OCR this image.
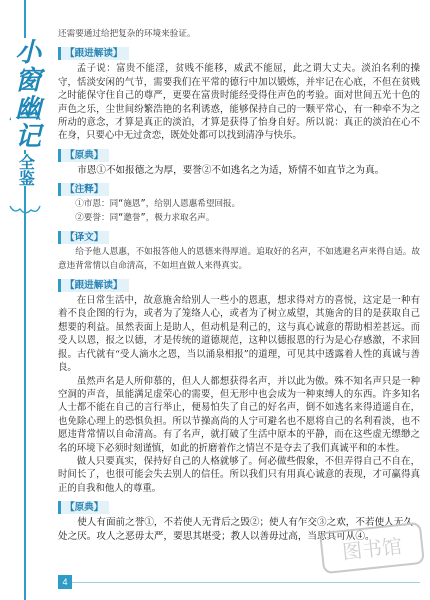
小窗幽记
全鉴

还需要通过给把复杂的环境来验证。

【跟进解读】

孟子说：富贵不能淫，贫贱不能移，威武不能屈，此之谓大丈夫。淡泊名利的操守，恬淡安闲的气节，需要我们在平常的德行中加以锻炼，并牢记在心底，不但在贫贱之时能保守住自己的尊严，更要在富贵时能经受得住声色的考验。面对世间五光十色的声色之乐，尘世间纷繁浩艳的名利诱惑，能够保持自己的一颗平常心，有一种牵不为之所动的意念，才算是真正的淡泊，才算是获得了怡身自好。所以说：真正的淡泊在心不在身，只要心中无过贪恋，既处处都可以找到清净与快乐。

【原典】

市恩①不如报德之为厚，要誉②不如逃名之为适，矫情不如直节之为真。

【注释】

①市恩：同“施恩”，给别人恩惠希望回报。

②要誉：同“邀誉”，极力求取名声。

【译文】

给予他人恩惠，不如报答他人的恩德来得厚道。追取好的名声，不如逃避名声来得自适。故意违背常情以自命清高，不如坦直做人来得真实。

【跟进解读】

在日常生活中，故意施舍给别人一些小的恩惠，想求得对方的喜悦，这定是一种有着不良企图的行为，或者为了笼络人心，或者为了树立威望，其施舍的目的是获取自己想要的利益。虽然表面上是助人，但动机是利己的，这与真心诚意的帮助相差甚远。而受人以恩，报之以德，才是传统的道德规范，这种以德报恩的行为是心存感激，不求回报。古代就有“受人滴水之恩，当以涌泉相报”的道理，可见其中透露着人性的真诚与善良。

虽然声名是人所仰慕的，但人人都想获得名声，并以此为傲。殊不知名声只是一种空洞的声音，虽能满足虚荣心的需要，但无形中也会成为一种束缚人的东西。许多知名人士都不能在自己的言行举止，便易怕失了自己的好名声，倒不如逃名来得逍遥自在，也免除心理上的恐惧负担。所以节操高尚的人宁可避名也不愿将自己的名利看淡，也不愿违背常情以自命清高。有了名声，就打破了生活中原本的平静，而在这些虚无缥缈之名的环境下必须时刻谨慎，如此的折磨着作之情岂不是夺去了我们真诚平和的本性。

做人只要真实，保持好自己的人格就够了。何必做些假象，不但弄得自己不自在，时间长了，也很可能会失去别人的信任。所以我们只有用真心诚意的表现，才可赢得真正的自我和他人的尊重。

【原典】

使人有面前之誉①，不若使人无背后之毁②；使人有乍交③之欢，不若使人无久处之厌。攻人之恶毋太严，要思其堪受；教人以善毋过高，当思其可从④。

4
图书馆
